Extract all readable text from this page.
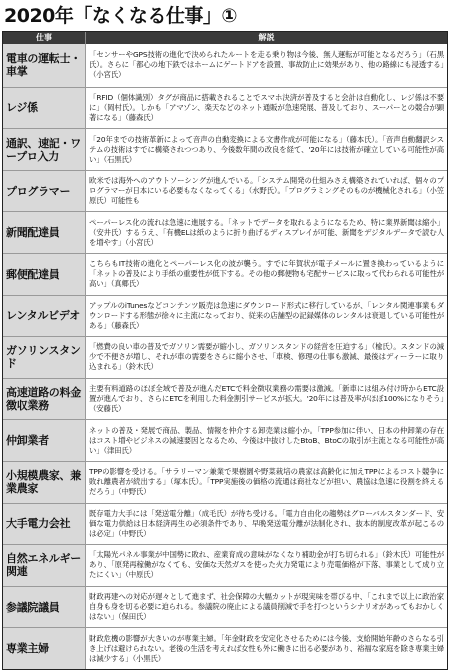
2020年「なくなる仕事」①
仕事	解説
電車の運転士・車掌
「センサーやGPS技術の進化で決められたルートを走る乗り物は今後、無人運転が可能となるだろう」（石黒氏）。さらに「都心の地下鉄ではホームにゲートドアを設置、事故防止に効果があり、他の路線にも浸透する」（小宮氏）
レジ係
「RFID（個体識別）タグが商品に搭載されることでスマホ決済が普及すると会計は自動化し、レジ係は不要に」（岡村氏）。しかも「アマゾン、楽天などのネット通販が急速発展、普及しており、スーパーとの競合が顕著になる」（藤森氏）
通訳、速記・ワープロ入力
「20年までの技術革新によって音声の自動変換による文書作成が可能になる」（藤本氏）。「音声自動翻訳システムの技術はすでに構築されつつあり、今後数年間の改良を経て、'20年には技術が確立している可能性が高い」（石黒氏）
プログラマー
欧米では海外へのアウトソーシングが進んでいる。「システム開発の仕組みさえ構築されていれば、個々のプログラマーが日本にいる必要もなくなってくる」（水野氏）。「プログラミングそのものが機械化される」（小笠原氏）可能性も
新聞配達員
ペーパーレス化の流れは急速に進展する。「ネットでデータを取れるようになるため、特に業界新聞は縮小」（安井氏）するうえ、「有機ELは紙のように折り曲げるディスプレイが可能、新聞をデジタルデータで読む人を増やす」（小宮氏）
郵便配達員
こちらもIT技術の進化とペーパーレス化の波が襲う。すでに年賀状が電子メールに置き換わっているように「ネットの普及により手紙の重要性が低下する。その他の郵便物も宅配サービスに取って代わられる可能性が高い」（真郷氏）
レンタルビデオ
アップルのiTunesなどコンテンツ販売は急速にダウンロード形式に移行しているが、「レンタル関連事業もダウンロードする形態が徐々に主流になっており、従来の店舗型の記録媒体のレンタルは衰退している可能性がある」（藤森氏）
ガソリンスタンド
「燃費の良い車の普及でガソリン需要が縮小し、ガソリンスタンドの経営を圧迫する」（楡氏）。スタンドの減少で不便さが増し、それが車の需要をさらに縮小させ、「車検、修理の仕事も激減、最後はディーラーに取り込まれる」（鈴木氏）
高速道路の料金徴収業務
主要有料道路のほぼ全域で普及が進んだETCで料金徴収業務の需要は激減。「新車には組み付け時からETC設置が進んでおり、さらにETCを利用した料金割引サービスが拡大。'20年には普及率がほぼ100%になりそう」（安藤氏）
仲卸業者
ネットの普及・発展で商品、製品、情報を仲介する卸売業は縮小か。「TPP参加に伴い、日本の仲卸業の存在はコスト増やビジネスの減速要因となるため、今後は中抜けしたBtoB、BtoCの取引が主流となる可能性が高い」（津田氏）
小規模農家、兼業農家
TPPの影響を受ける。「サラリーマン兼業で果樹園や野菜栽培の農家は高齢化に加えTPPによるコスト競争に敗れ離農者が続出する」（塚本氏）。「TPP実施後の価格の流通は商社などが担い、農協は急速に役割を終えるだろう」（中野氏）
大手電力会社
既存電力大手には「発送電分離」（成毛氏）が待ち受ける。「電力自由化の趨勢はグローバルスタンダード、安価な電力供給は日本経済再生の必須条件であり、早晩発送電分離が法制化され、抜本的制度改革が起こるのは必定」（中野氏）
自然エネルギー関連
「太陽光パネル事業が中国勢に敗れ、産業育成の意味がなくなり補助金が打ち切られる」（鈴木氏）可能性があり、「原発再稼働がなくても、安価な天然ガスを使った火力発電により売電価格が下落、事業として成り立たにくい」（中原氏）
参議院議員
財政再建への対応が遅々として進まず、社会保障の大幅カットが現実味を帯びる中、「これまで以上に政治家自身も身を切る必要に迫られる。参議院の廃止による議員削減で手を打つというシナリオがあってもおかしくはない」（保田氏）
専業主婦
財政危機の影響が大きいのが専業主婦。「年金財政を安定化させるためには今後、支給開始年齢のさらなる引き上げは避けられない。老後の生活を考えれば女性も外に働きに出る必要があり、裕福な家庭を除き専業主婦は減少する」（小黒氏）
